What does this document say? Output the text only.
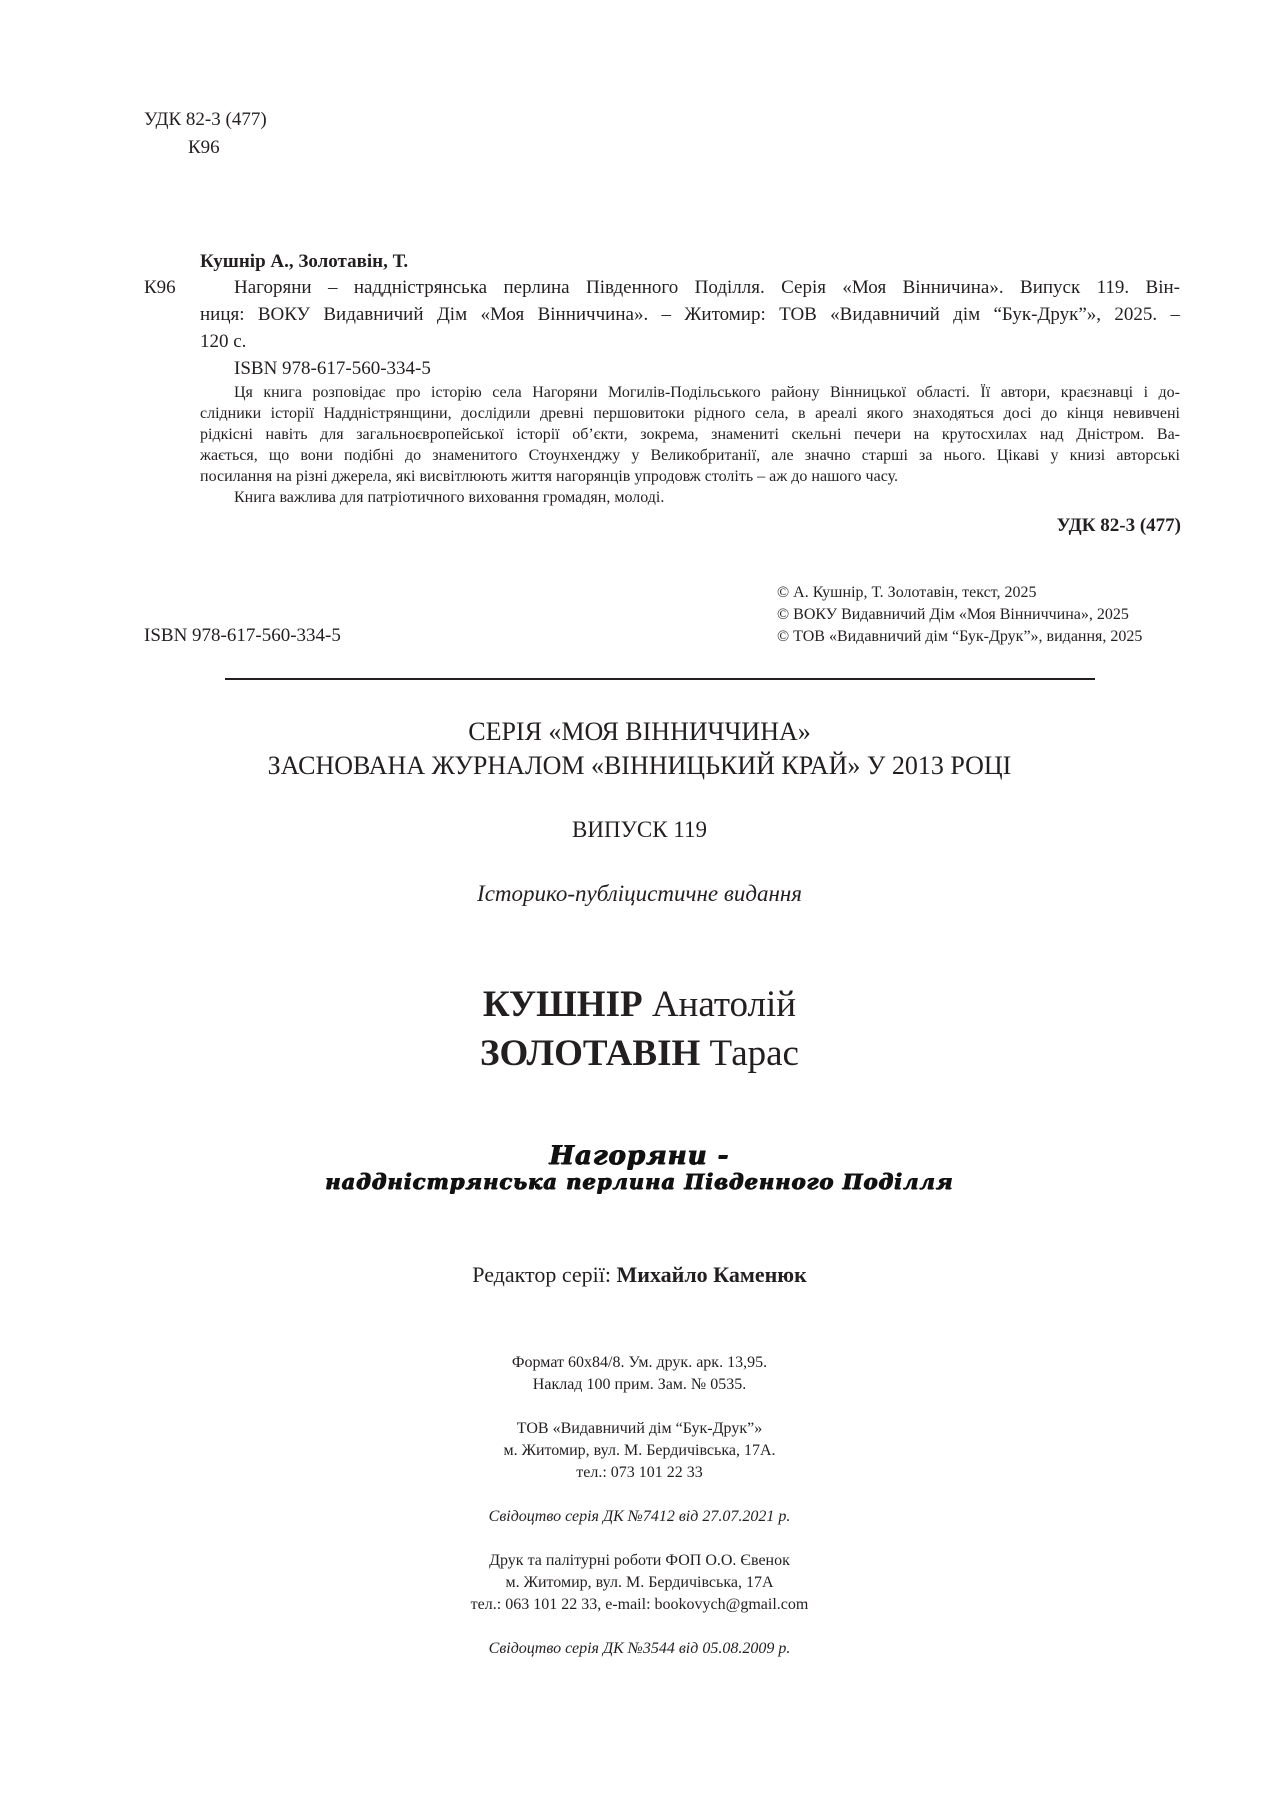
УДК 82-3 (477)
К96
Кушнір А., Золотавін, Т.
К96	Нагоряни – наддністрянська перлина Південного Поділля. Серія «Моя Вінничина». Випуск 119. Він-
ниця: ВОКУ Видавничий Дім «Моя Вінниччина». – Житомир: ТОВ «Видавничий дім “Бук-Друк”», 2025. –
120 с.
ISBN 978-617-560-334-5
Ця книга розповідає про історію села Нагоряни Могилів-Подільського району Вінницької області. Її автори, краєзнавці і до-
слідники історії Наддністрянщини, дослідили древні першовитоки рідного села, в ареалі якого знаходяться досі до кінця невивчені
рідкісні навіть для загальноєвропейської історії об’єкти, зокрема, знамениті скельні печери на крутосхилах над Дністром. Ва-
жається, що вони подібні до знаменитого Стоунхенджу у Великобританії, але значно старші за нього. Цікаві у книзі авторські
посилання на різні джерела, які висвітлюють життя нагорянців упродовж століть – аж до нашого часу.
Книга важлива для патріотичного виховання громадян, молоді.
УДК 82-3 (477)
© А. Кушнір, Т. Золотавін, текст, 2025
© ВОКУ Видавничий Дім «Моя Вінниччина», 2025
© ТОВ «Видавничий дім “Бук-Друк”», видання, 2025
ISBN 978-617-560-334-5
СЕРІЯ «МОЯ ВІННИЧЧИНА»
ЗАСНОВАНА ЖУРНАЛОМ «ВІННИЦЬКИЙ КРАЙ» У 2013 РОЦІ
ВИПУСК 119
Історико-публіцистичне видання
КУШНІР Анатолій
ЗОЛОТАВІН Тарас
Нагоряни -
наддністрянська перлина Південного Поділля
Редактор серії: Михайло Каменюк
Формат 60х84/8. Ум. друк. арк. 13,95.
Наклад 100 прим. Зам. № 0535.
ТОВ «Видавничий дім “Бук-Друк”»
м. Житомир, вул. М. Бердичівська, 17А.
тел.: 073 101 22 33
Свідоцтво серія ДК №7412 від 27.07.2021 р.
Друк та палітурні роботи ФОП О.О. Євенок
м. Житомир, вул. М. Бердичівська, 17А
тел.: 063 101 22 33, e-mail: bookovych@gmail.com
Свідоцтво серія ДК №3544 від 05.08.2009 р.
